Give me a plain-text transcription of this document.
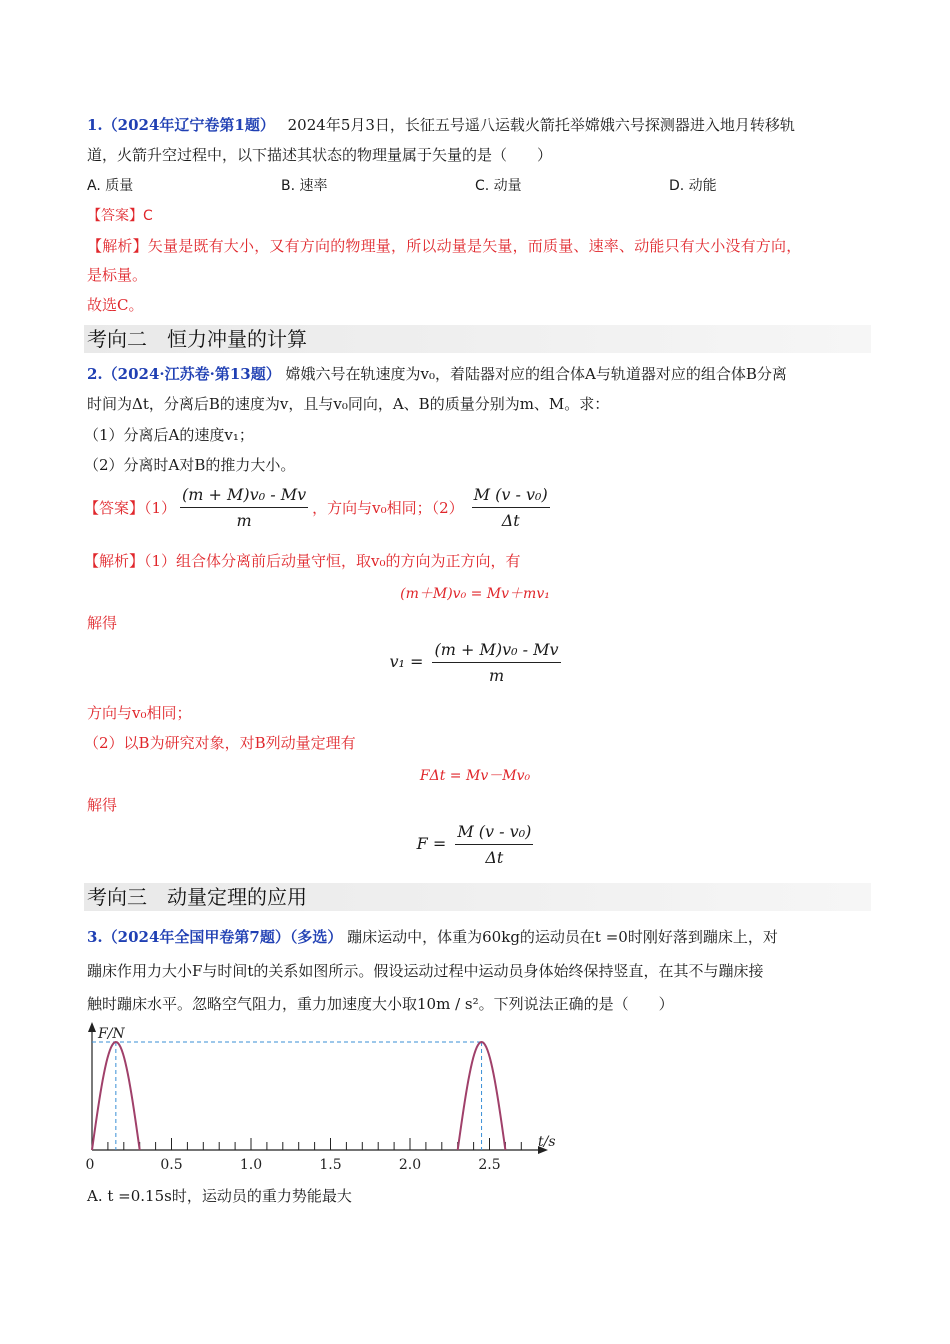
1.（2024年辽宁卷第1题） 2024年5月3日，长征五号遥八运载火箭托举嫦娥六号探测器进入地月转移轨
道，火箭升空过程中，以下描述其状态的物理量属于矢量的是（　　）
A. 质量	B. 速率	C. 动量	D. 动能
【答案】C
【解析】矢量是既有大小，又有方向的物理量，所以动量是矢量，而质量、速率、动能只有大小没有方向，
是标量。
故选C。
考向二　恒力冲量的计算
2.（2024·江苏卷·第13题） 嫦娥六号在轨速度为v₀，着陆器对应的组合体A与轨道器对应的组合体B分离
时间为Δt，分离后B的速度为v，且与v₀同向，A、B的质量分别为m、M。求：
（1）分离后A的速度v₁；
（2）分离时A对B的推力大小。
【答案】$(1) \frac{\text{(m + M)v₀ - Mv}}{m}$ ，方向与v₀相同；$(2) \frac{\text{M (v - v₀)}}{\Delta t}$
【解析】（1）组合体分离前后动量守恒，取v₀的方向为正方向，有
(m＋M)v₀ = Mv＋mv₁
解得
$v_1 = \frac{\text{(m + M)v₀ - Mv}}{m}$
方向与v₀相同；
（2）以B为研究对象，对B列动量定理有
FΔt = Mv－Mv₀
解得
$F = \frac{\text{M (v - v₀)}}{\Delta t}$
考向三　动量定理的应用
3.（2024年全国甲卷第7题）（多选） 蹦床运动中，体重为60kg的运动员在t =0时刚好落到蹦床上，对
蹦床作用力大小F与时间t的关系如图所示。假设运动过程中运动员身体始终保持竖直，在其不与蹦床接
触时蹦床水平。忽略空气阻力，重力加速度大小取10m / s²。下列说法正确的是（　　）
0	0.5	1.0	1.5	2.0	2.5
F/N
t/s
A. t =0.15s时，运动员的重力势能最大
